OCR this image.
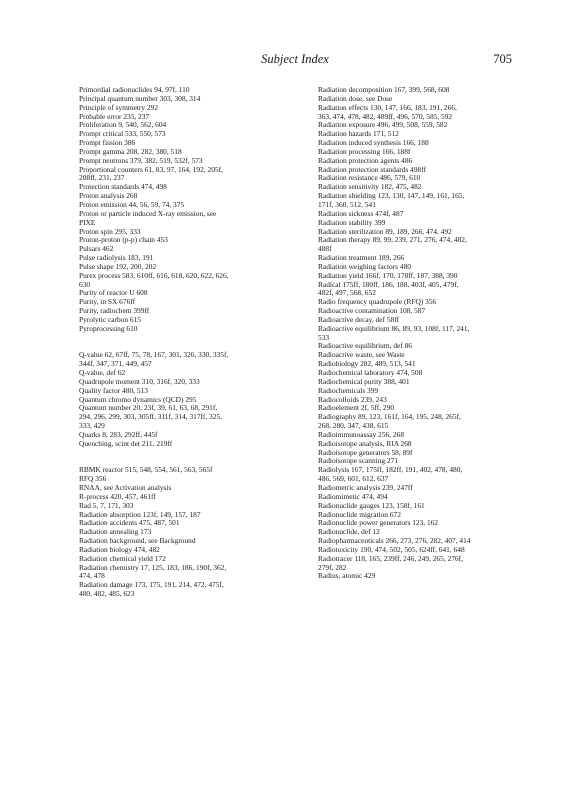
Subject Index	705
Primordial radionuclides 94, 97f, 110
Principal quantum number 303, 308, 314
Principle of symmetry 292
Probable error 235, 237
Proliferation 9, 540, 562, 604
Prompt critical 533, 550, 573
Prompt fission 386
Prompt gamma 208, 282, 380, 518
Prompt neutrons 379, 382, 519, 532f, 573
Proportional counters 61, 83, 97, 164, 192, 205f,
208ff, 231, 237
Protection standards 474, 498
Proton analysis 268
Proton emission 44, 56, 59, 74, 375
Proton or particle induced X-ray emission, see
PIXE
Proton spin 295, 333
Proton-proton (p-p) chain 453
Pulsars 462
Pulse radiolysis 183, 191
Pulse shape 192, 200, 202
Purex process 583, 610ff, 616, 618, 620, 622, 626,
630
Purity of reactor U 608
Purity, in SX 676ff
Purity, radiochem 399ff
Pyrolytic carbon 615
Pyroprocessing 610
Q-value 62, 67ff, 75, 78, 167, 301, 326, 330, 335f,
344f, 347, 371, 449, 457
Q-value, def 62
Quadrupole moment 310, 316f, 320, 333
Quality factor 480, 513
Quantum chromo dynamics (QCD) 295
Quantum number 20, 23f, 39, 61, 63, 68, 291f,
294, 296, 299, 303, 305ff, 311f, 314, 317ff, 325,
333, 429
Quarks 8, 283, 292ff, 445f
Quenching, scint det 211, 219ff
RBMK reactor 515, 548, 554, 561, 563, 565f
RFQ 356
RNAA, see Activation analysis
R-process 420, 457, 461ff
Rad 5, 7, 171, 303
Radiation absorption 123f, 149, 157, 187
Radiation accidents 475, 487, 501
Radiation annealing 173
Radiation background, see Background
Radiation biology 474, 482
Radiation chemical yield 172
Radiation chemistry 17, 125, 183, 186, 190f, 362,
474, 478
Radiation damage 173, 175, 191, 214, 472, 475f,
480, 482, 485, 623
Radiation decomposition 167, 399, 568, 608
Radiation dose, see Dose
Radiation effects 130, 147, 166, 183, 191, 266,
363, 474, 478, 482, 489ff, 496, 570, 585, 592
Radiation exposure 496, 499, 508, 559, 582
Radiation hazards 171, 512
Radiation induced synthesis 166, 188
Radiation processing 166, 188f
Radiation protection agents 486
Radiation protection standards 498ff
Radiation resistance 486, 579, 610
Radiation sensitivity 182, 475, 482
Radiation shielding 123, 130, 147, 149, 161, 165,
171f, 360, 512, 541
Radiation sickness 474f, 487
Radiation stability 399
Radiation sterilization 89, 189, 266, 474, 492
Radiation therapy 89, 99, 239, 271, 276, 474, 482,
488f
Radiation treatment 189, 266
Radiation weighing factors 480
Radiation yield 166f, 170, 178ff, 187, 388, 390
Radical 175ff, 180ff, 186, 188, 403f, 405, 479f,
482f, 497, 568, 652
Radio frequency quadrupole (RFQ) 356
Radioactive contamination 108, 587
Radioactive decay, def 58ff
Radioactive equilibrium 86, 89, 93, 108f, 117, 241,
533
Radioactive equilibrium, def 86
Radioactive waste, see Waste
Radiobiology 282, 489, 513, 541
Radiochemical laboratory 474, 508
Radiochemical purity 388, 401
Radiochemicals 399
Radiocolloids 239, 243
Radioelement 2f, 5ff, 290
Radiography 89, 123, 161f, 164, 195, 248, 265f,
268, 280, 347, 438, 615
Radioimmunoassay 256, 268
Radioisotope analysis, RIA 268
Radioisotope generators 58, 89f
Radioisotope scanning 271
Radiolysis 167, 175ff, 182ff, 191, 402, 478, 480,
486, 569, 601, 612, 637
Radiometric analysis 239, 247ff
Radiomimetic 474, 494
Radionuclide gauges 123, 158f, 161
Radionuclide migration 672
Radionuclide power generators 123, 162
Radionuclide, def 12
Radiopharmaceuticals 266, 273, 276, 282, 407, 414
Radiotoxicity 190, 474, 502, 505, 624ff, 641, 648
Radiotracer 118, 165, 239ff, 246, 249, 265, 276f,
279f, 282
Radius, atomic 429
